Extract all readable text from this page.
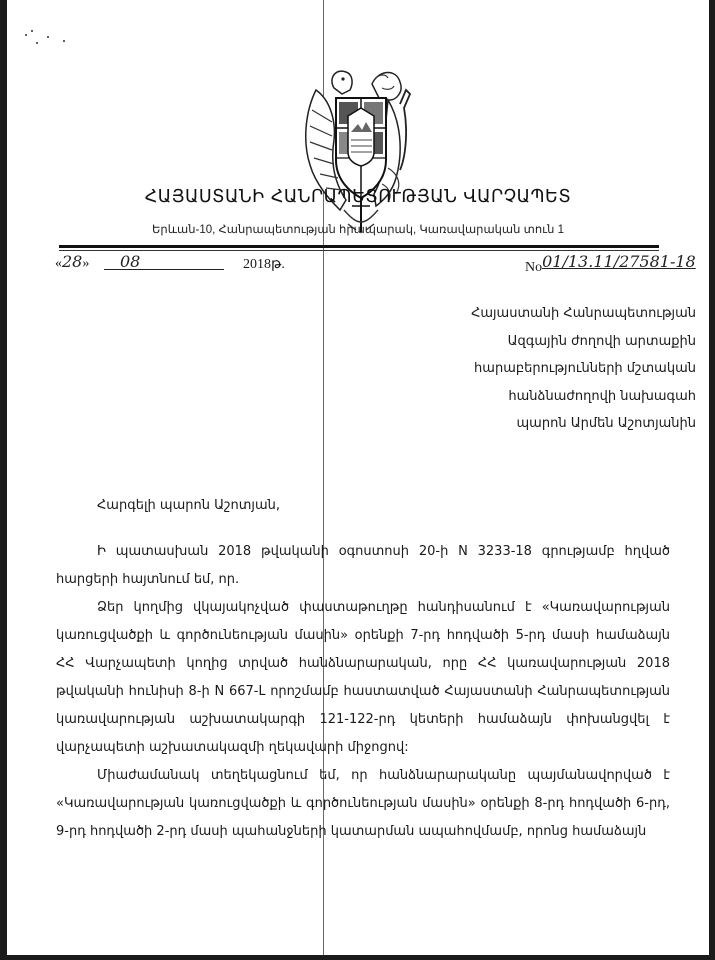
ՀԱՅԱՍՏԱՆԻ ՀԱՆՐԱՊԵՏՈՒԹՅԱՆ ՎԱՐՉԱՊԵՏ
Երևան-10, Հանրապետության հրապարակ, Կառավարական տուն 1
«28» 08	2018թ.	No01/13.11/27581-18
Հայաստանի Հանրապետության
Ազգային ժողովի արտաքին
հարաբերությունների մշտական
հանձնաժողովի նախագահ
պարոն Արմեն Աշոտյանին
Հարգելի պարոն Աշոտյան,
Ի պատասխան 2018 թվականի օգոստոսի 20-ի N 3233-18 գրությամբ հղված հարցերի հայտնում եմ, որ.
Ձեր կողմից վկայակոչված փաստաթուղթը հանդիսանում է «Կառավարության կառուցվածքի և գործունեության մասին» օրենքի 7-րդ հոդվածի 5-րդ մասի համաձայն ՀՀ Վարչապետի կողից տրված հանձնարարական, որը ՀՀ կառավարության 2018 թվականի հունիսի 8-ի N 667-Լ որոշմամբ հաստատված Հայաստանի Հանրապետության կառավարության աշխատակարգի 121-122-րդ կետերի համաձայն փոխանցվել է վարչապետի աշխատակազմի ղեկավարի միջոցով:
Միաժամանակ տեղեկացնում եմ, որ հանձնարարականը պայմանավորված է «Կառավարության կառուցվածքի և գործունեության մասին» օրենքի 8-րդ հոդվածի 6-րդ, 9-րդ հոդվածի 2-րդ մասի պահանջների կատարման ապահովմամբ, որոնց համաձայն
